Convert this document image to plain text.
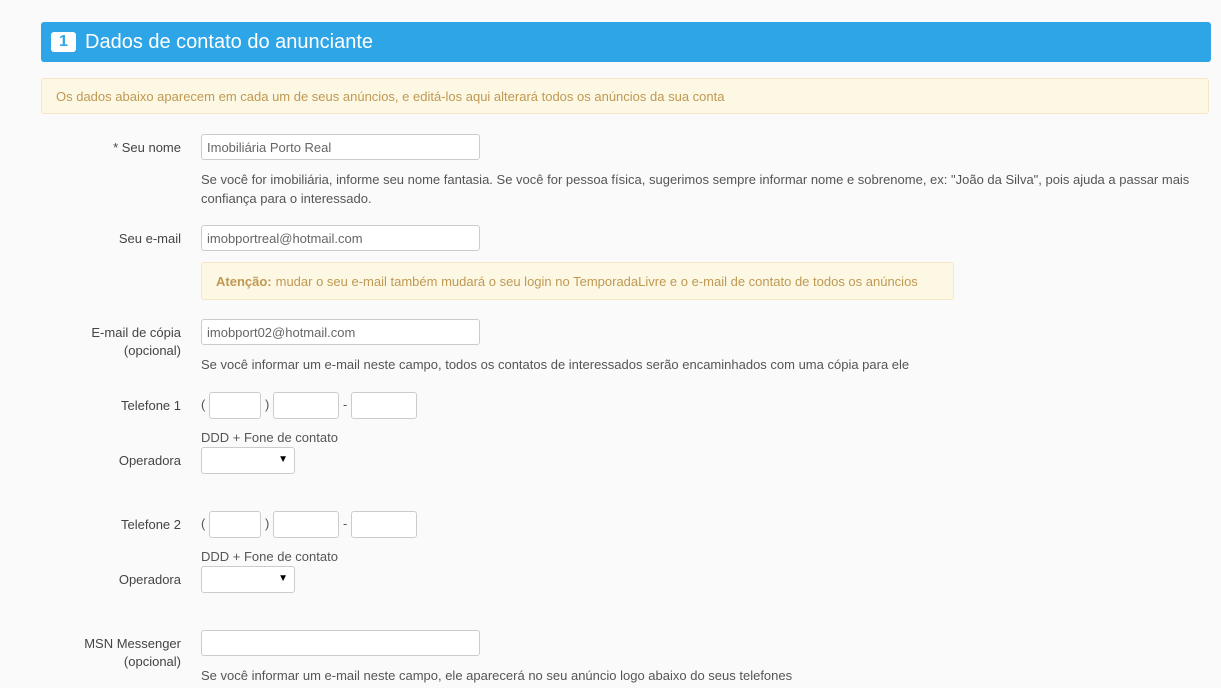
1 Dados de contato do anunciante
Os dados abaixo aparecem em cada um de seus anúncios, e editá-los aqui alterará todos os anúncios da sua conta
* Seu nome
Imobiliária Porto Real
Se você for imobiliária, informe seu nome fantasia. Se você for pessoa física, sugerimos sempre informar nome e sobrenome, ex: "João da Silva", pois ajuda a passar mais
confiança para o interessado.
Seu e-mail
imobportreal@hotmail.com
Atenção: mudar o seu e-mail também mudará o seu login no TemporadaLivre e o e-mail de contato de todos os anúncios
E-mail de cópia
(opcional)
imobport02@hotmail.com
Se você informar um e-mail neste campo, todos os contatos de interessados serão encaminhados com uma cópia para ele
Telefone 1 (	)	-
DDD + Fone de contato
Operadora	▼
Telefone 2 (	)	-
DDD + Fone de contato
Operadora	▼
MSN Messenger
(opcional)
Se você informar um e-mail neste campo, ele aparecerá no seu anúncio logo abaixo do seus telefones
